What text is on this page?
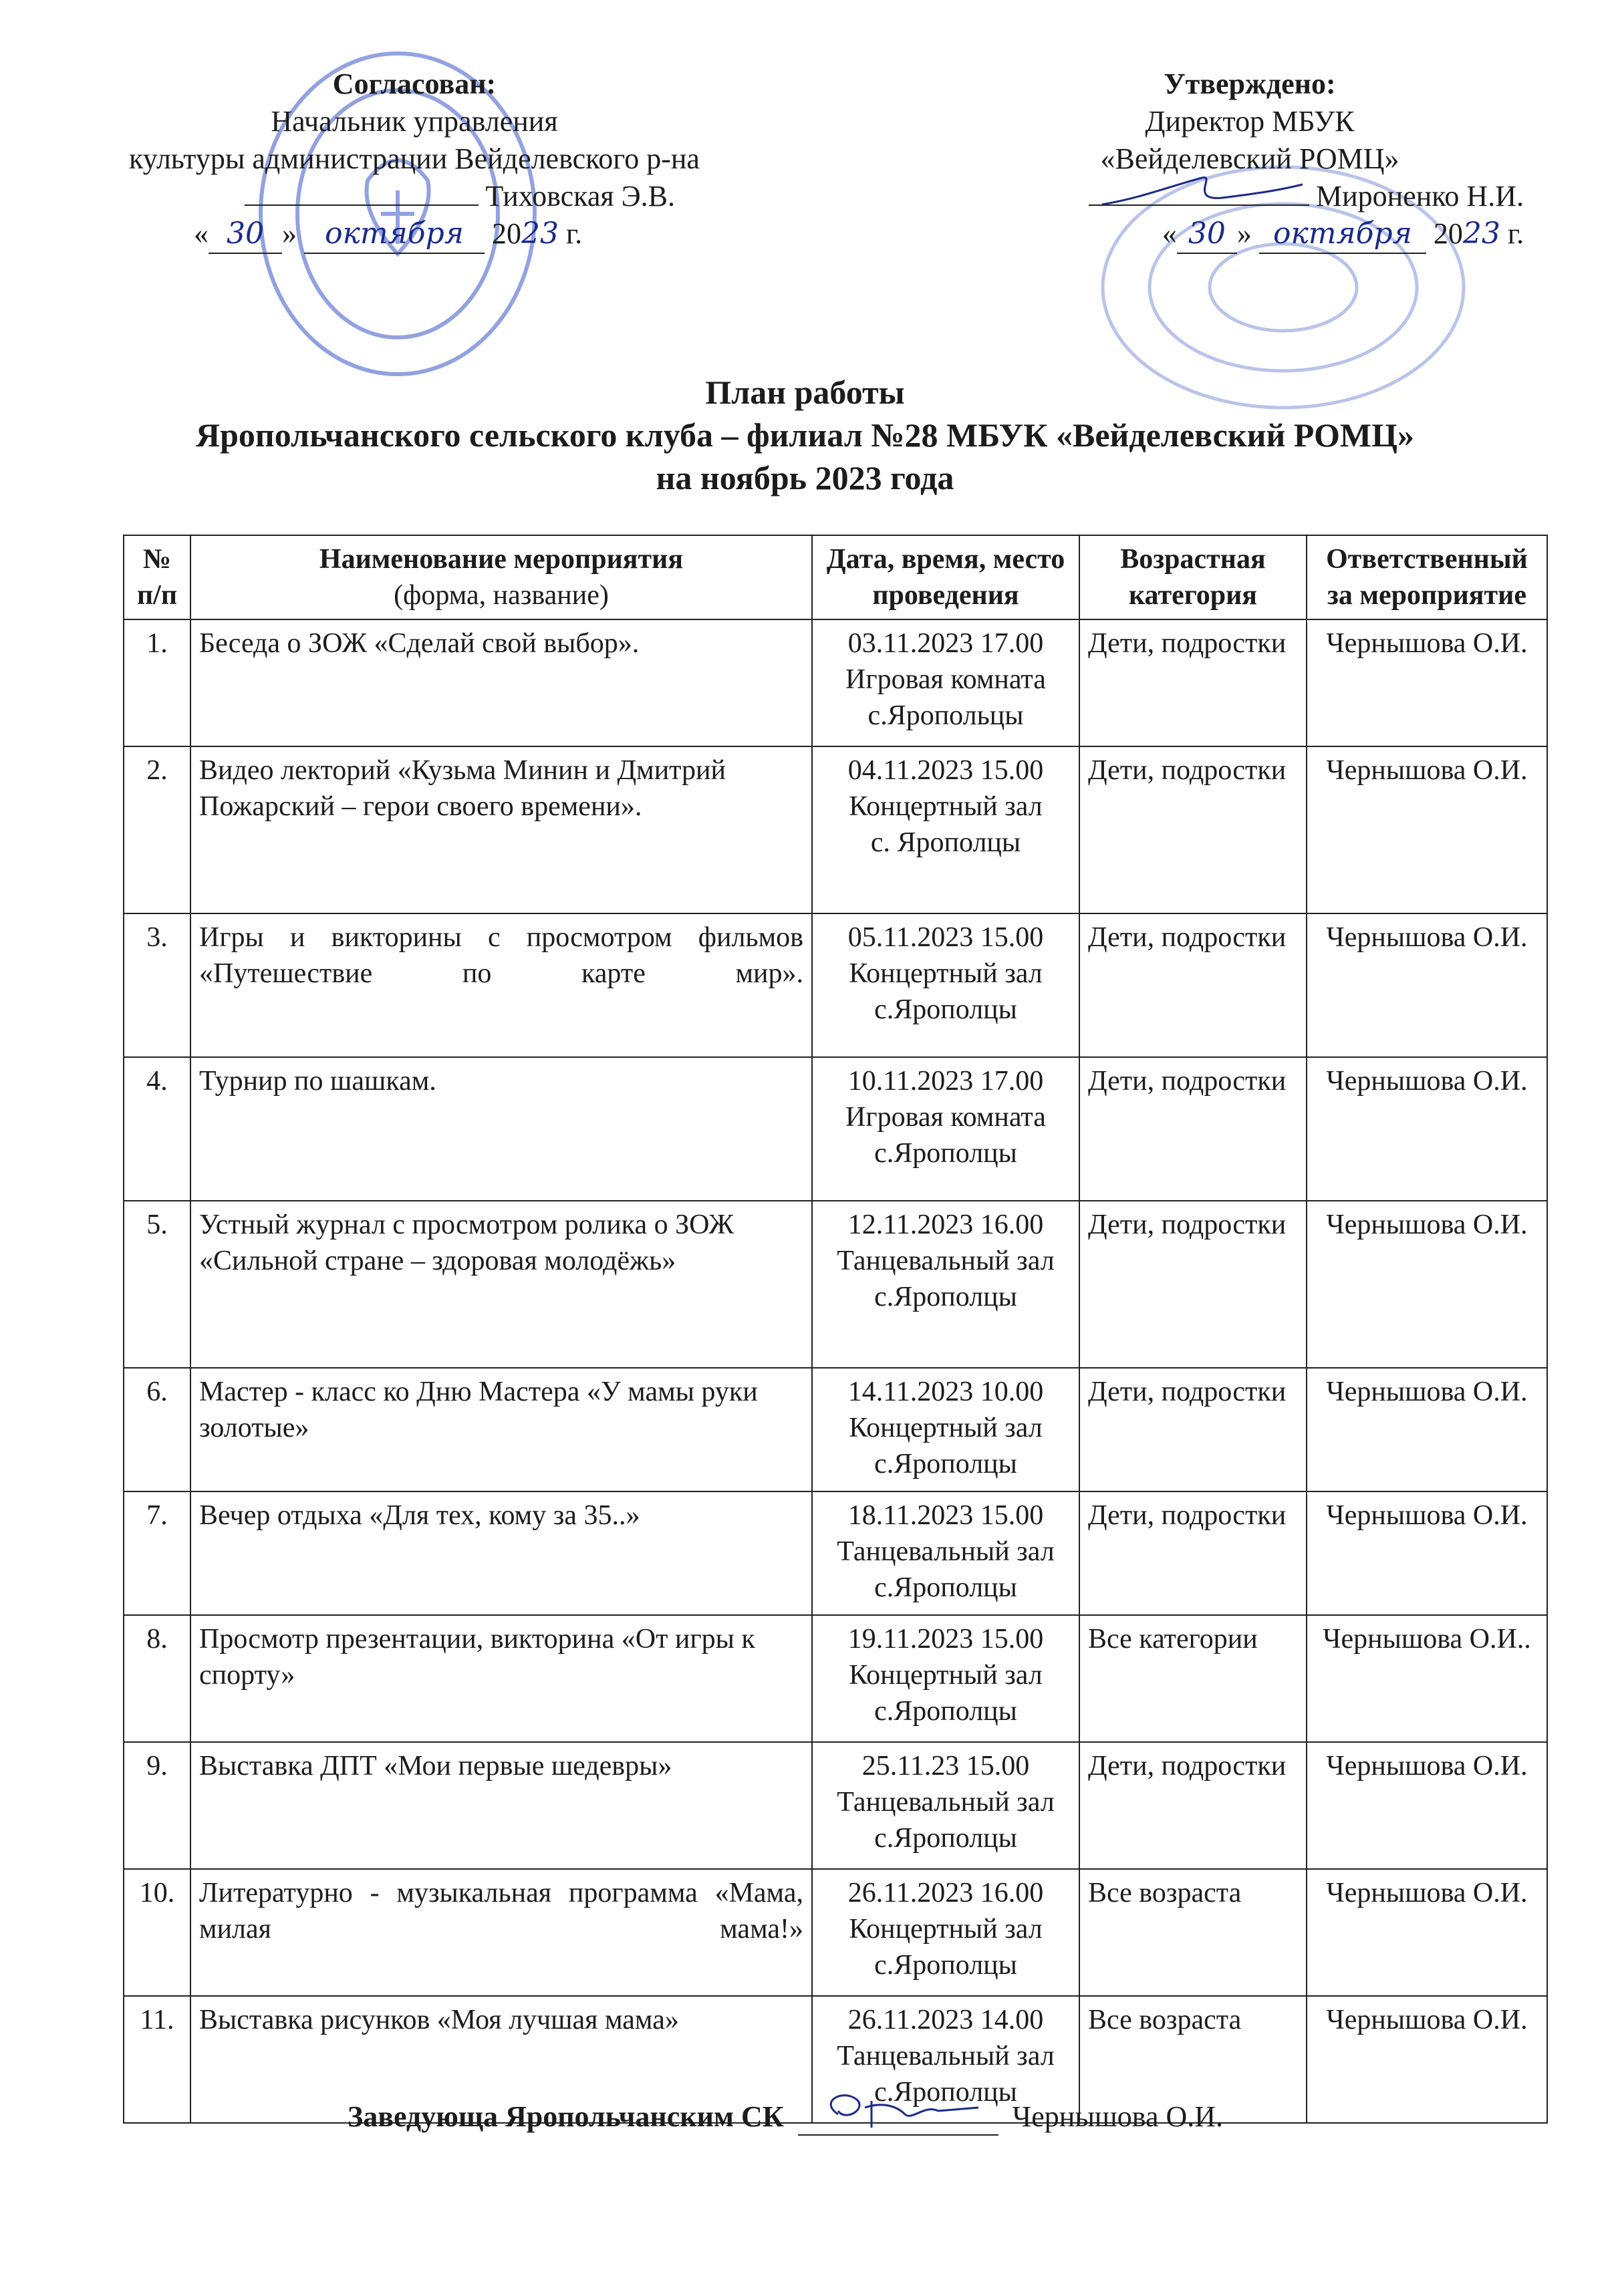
Согласован:
Начальник управления
культуры администрации Вейделевского р-на
Тиховская Э.В.
« 30 » октября 2023 г.
Утверждено:
Директор МБУК
«Вейделевский РОМЦ»
Мироненко Н.И.
« 30 » октября 2023 г.
План работы
Яропольчанского сельского клуба – филиал №28 МБУК «Вейделевский РОМЦ»
на ноябрь 2023 года
№ п/п	Наименование мероприятия
(форма, название)	Дата, время, место проведения	Возрастная категория	Ответственный за мероприятие
1.	Беседа о ЗОЖ «Сделай свой выбор».	03.11.2023 17.00
Игровая комната
с.Яропольцы	Дети, подростки	Чернышова О.И.
2.	Видео лекторий «Кузьма Минин и Дмитрий Пожарский – герои своего времени».	04.11.2023 15.00
Концертный зал
с. Ярополцы	Дети, подростки	Чернышова О.И.
3.	Игры и викторины с просмотром фильмов «Путешествие по карте мир».	05.11.2023 15.00
Концертный зал
с.Ярополцы	Дети, подростки	Чернышова О.И.
4.	Турнир по шашкам.	10.11.2023 17.00
Игровая комната
с.Ярополцы	Дети, подростки	Чернышова О.И.
5.	Устный журнал с просмотром ролика о ЗОЖ «Сильной стране – здоровая молодёжь»	12.11.2023 16.00
Танцевальный зал
с.Ярополцы	Дети, подростки	Чернышова О.И.
6.	Мастер - класс ко Дню Мастера «У мамы руки золотые»	14.11.2023 10.00
Концертный зал
с.Ярополцы	Дети, подростки	Чернышова О.И.
7.	Вечер отдыха «Для тех, кому за 35..»	18.11.2023 15.00
Танцевальный зал
с.Ярополцы	Дети, подростки	Чернышова О.И.
8.	Просмотр презентации, викторина «От игры к спорту»	19.11.2023 15.00
Концертный зал
с.Ярополцы	Все категории	Чернышова О.И..
9.	Выставка ДПТ «Мои первые шедевры»	25.11.23 15.00
Танцевальный зал
с.Ярополцы	Дети, подростки	Чернышова О.И.
10.	Литературно - музыкальная программа «Мама, милая мама!»	26.11.2023 16.00
Концертный зал
с.Ярополцы	Все возраста	Чернышова О.И.
11.	Выставка рисунков «Моя лучшая мама»	26.11.2023 14.00
Танцевальный зал
с.Ярополцы	Все возраста	Чернышова О.И.
Заведующа Яропольчанским СК	Чернышова О.И.
